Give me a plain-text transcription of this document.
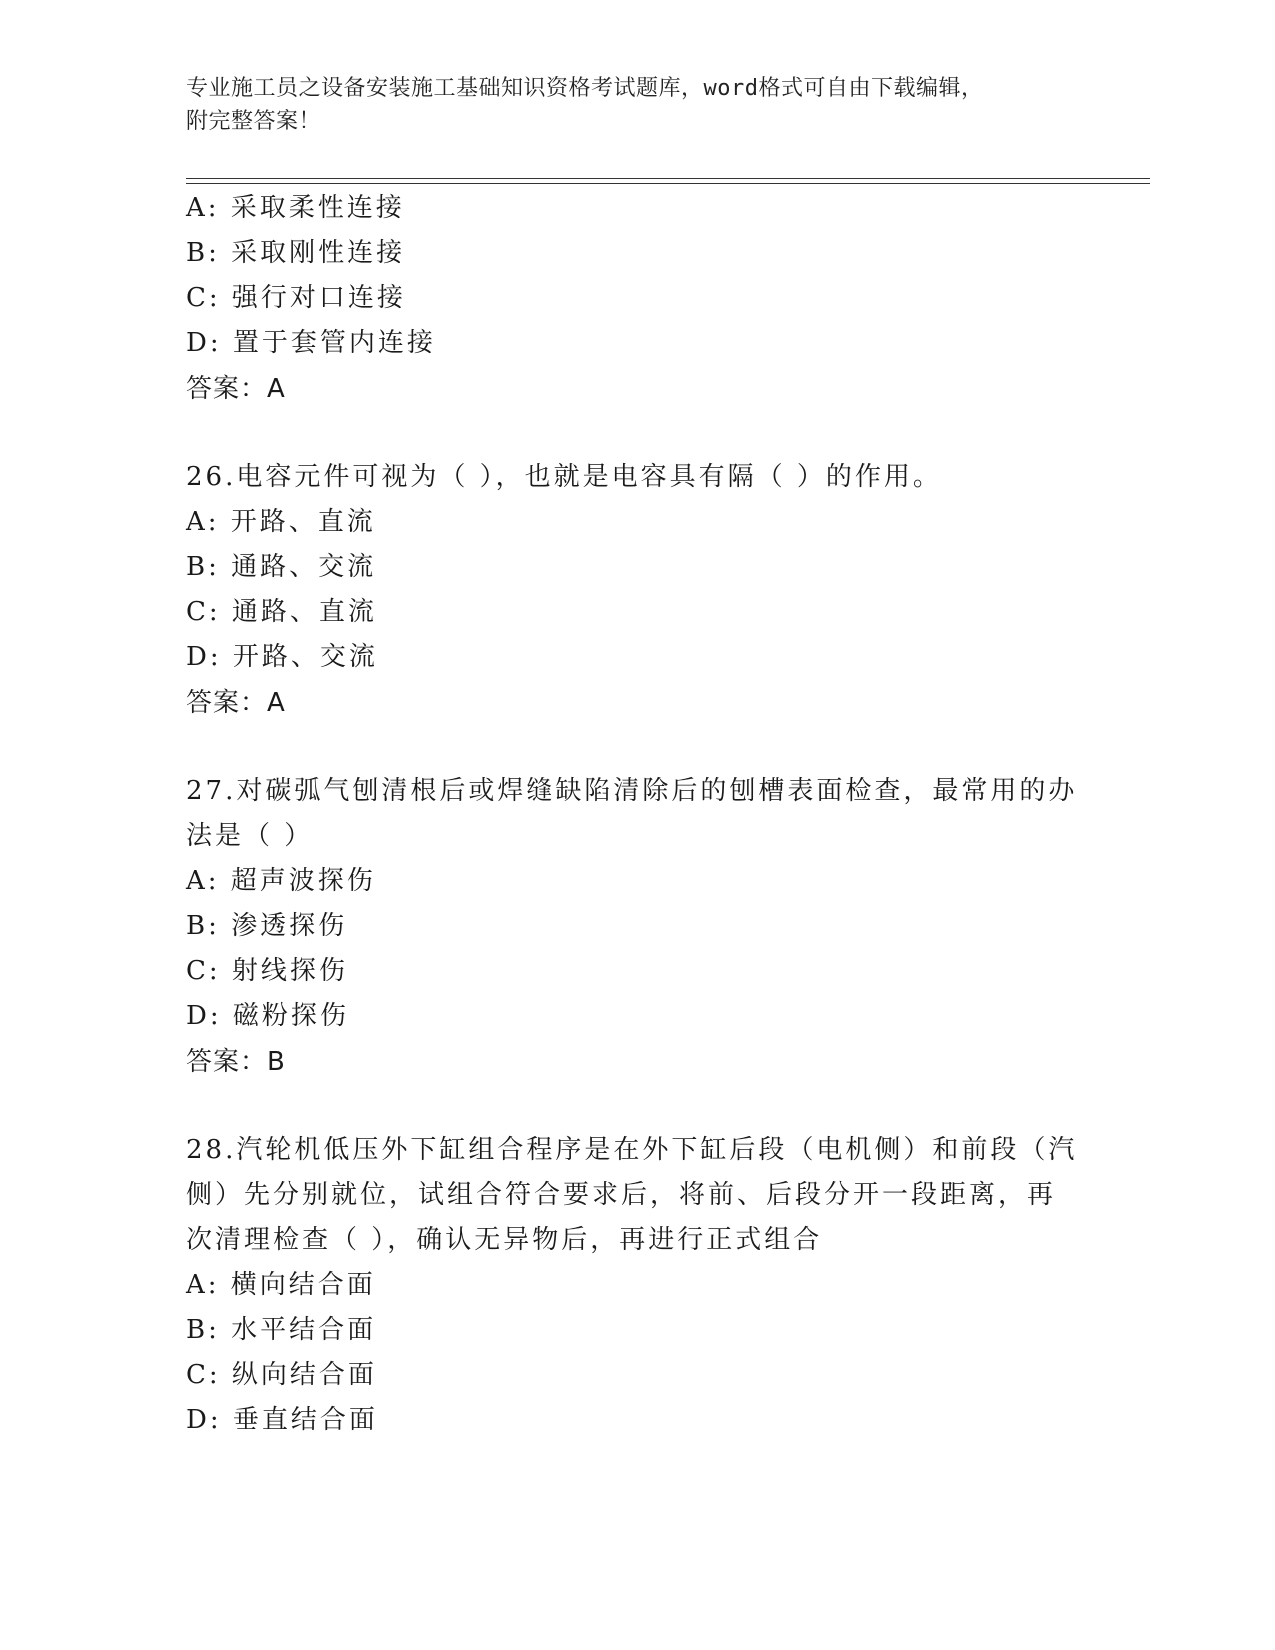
专业施工员之设备安装施工基础知识资格考试题库，word格式可自由下载编辑，
附完整答案！
A: 采取柔性连接
B: 采取刚性连接
C: 强行对口连接
D: 置于套管内连接
答案：A
26.电容元件可视为（ ），也就是电容具有隔（ ）的作用。
A: 开路、直流
B: 通路、交流
C: 通路、直流
D: 开路、交流
答案：A
27.对碳弧气刨清根后或焊缝缺陷清除后的刨槽表面检查，最常用的办
法是（ ）
A: 超声波探伤
B: 渗透探伤
C: 射线探伤
D: 磁粉探伤
答案：B
28.汽轮机低压外下缸组合程序是在外下缸后段（电机侧）和前段（汽
侧）先分别就位，试组合符合要求后，将前、后段分开一段距离，再
次清理检查（ ），确认无异物后，再进行正式组合
A: 横向结合面
B: 水平结合面
C: 纵向结合面
D: 垂直结合面
